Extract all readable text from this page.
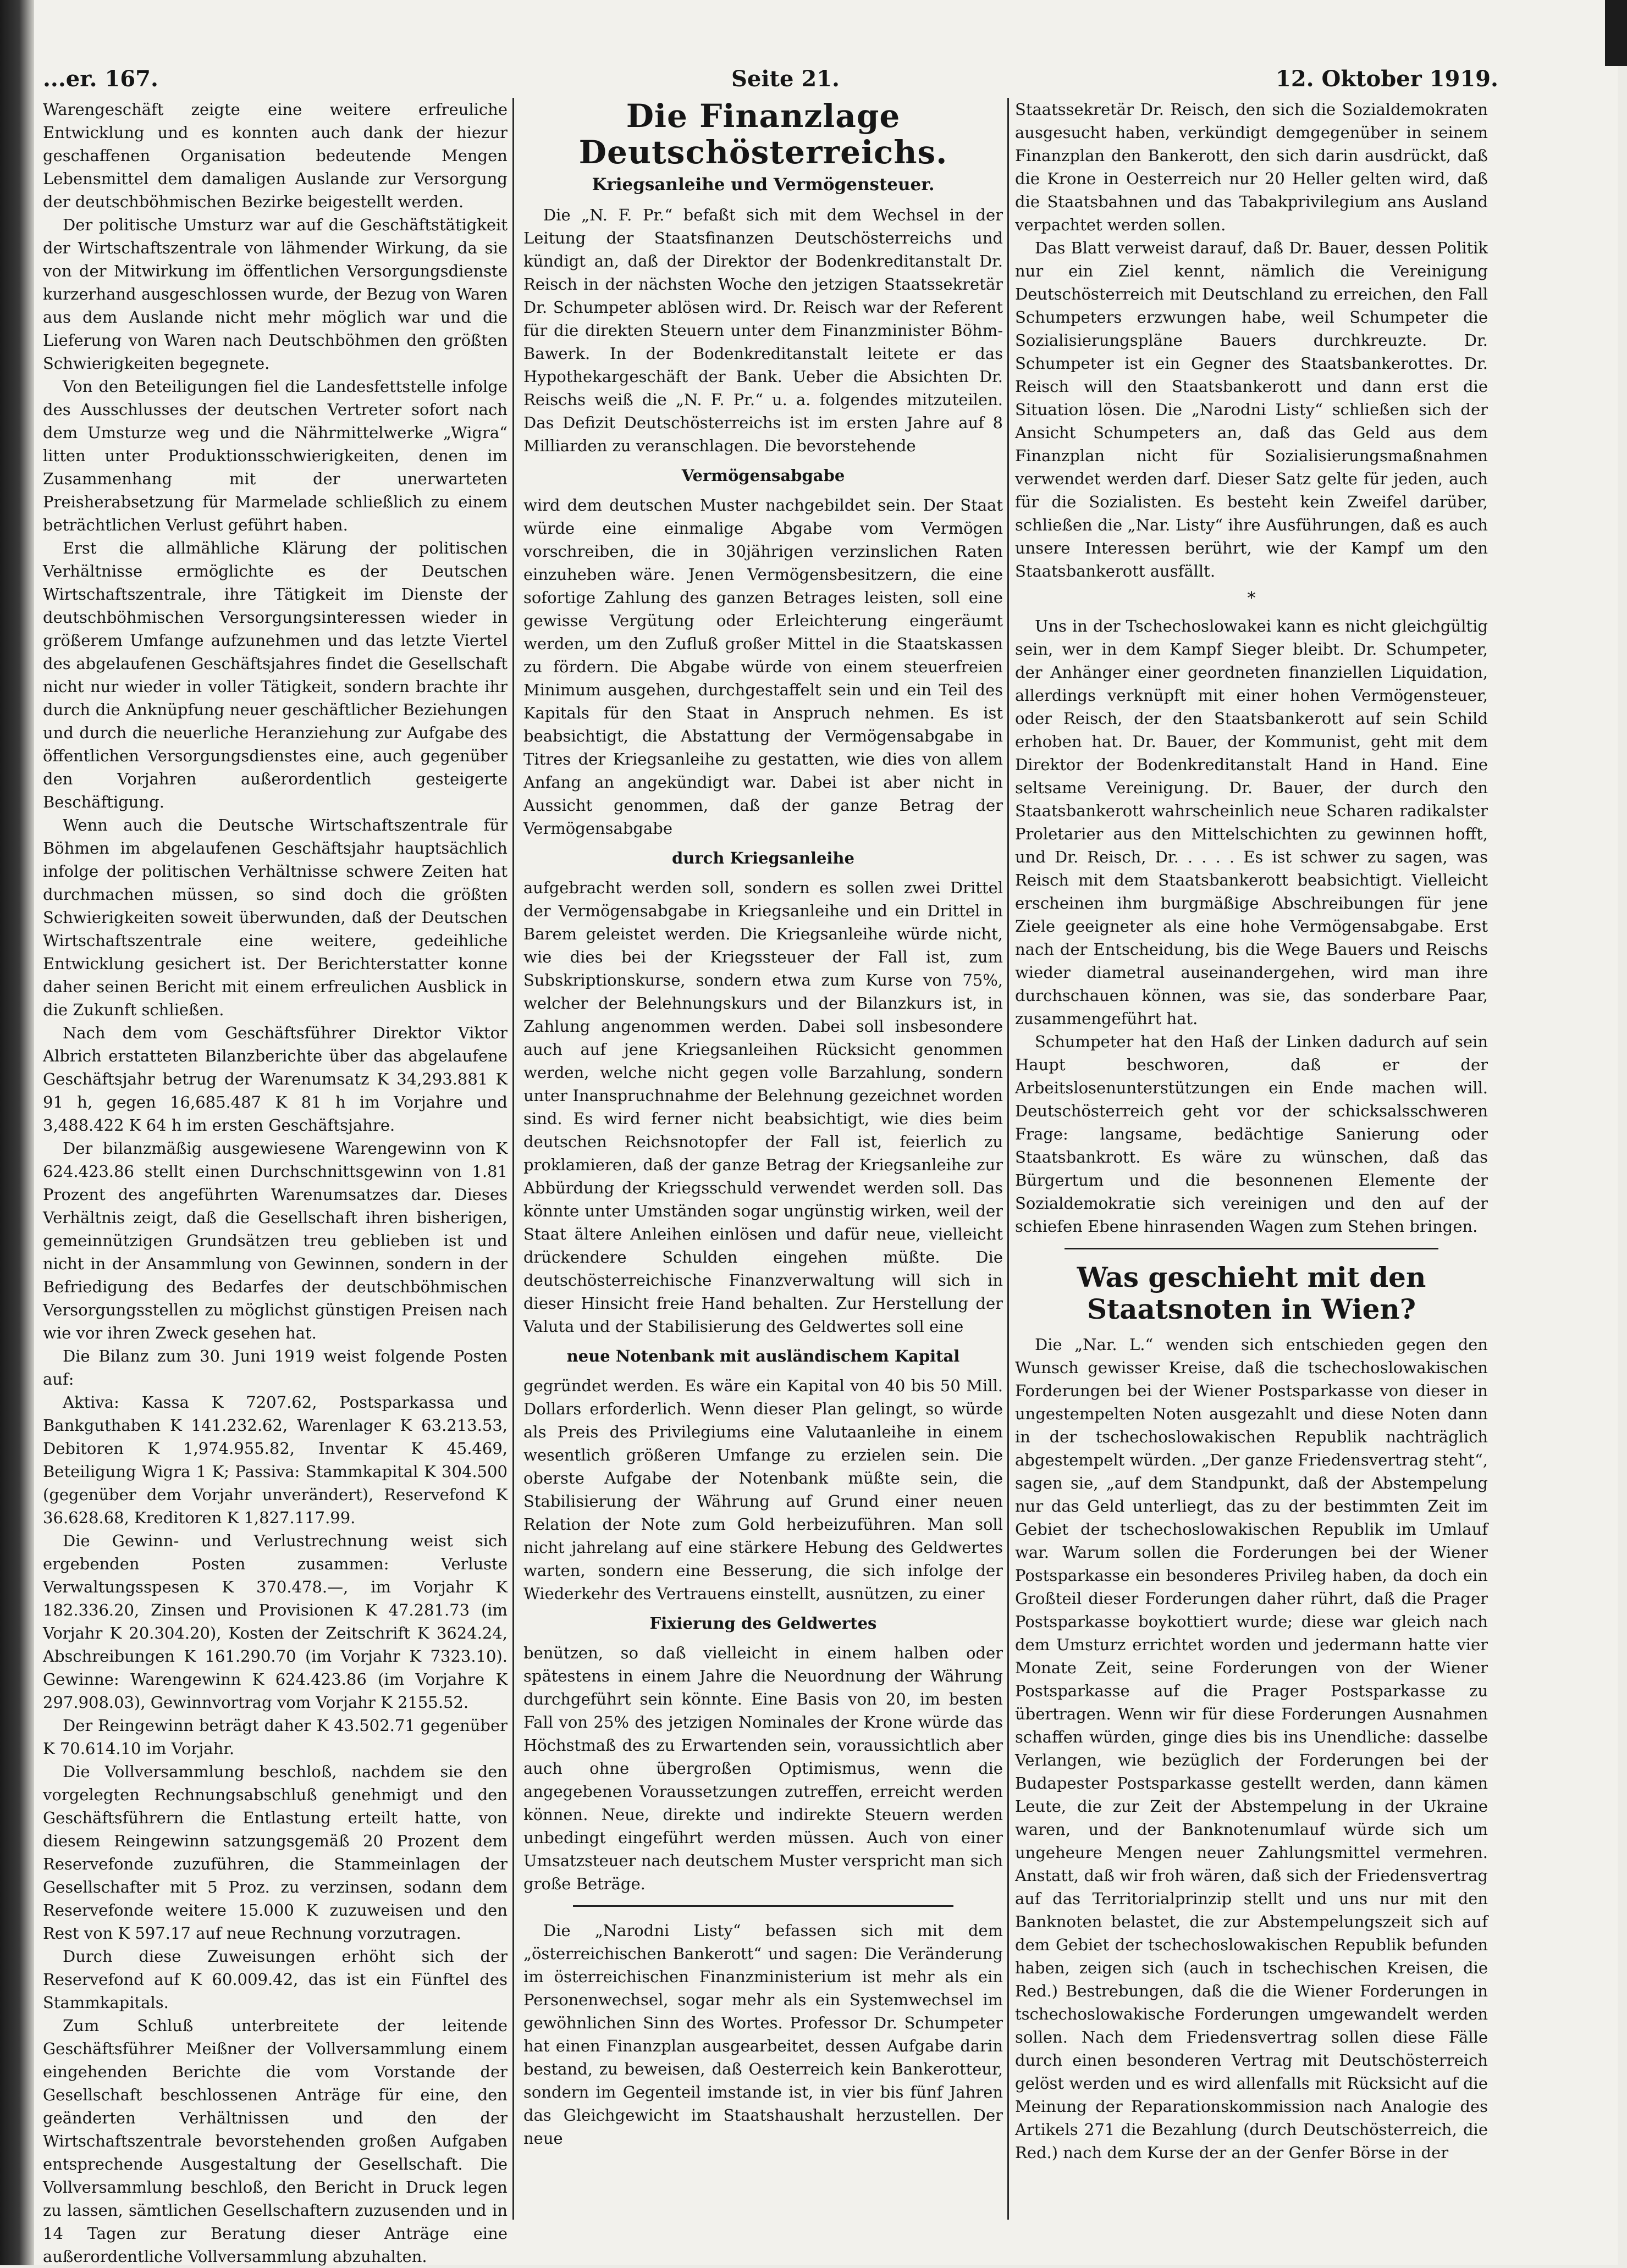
...er. 167.	Seite 21.	12. Oktober 1919.

Warengeschäft zeigte eine weitere erfreuliche Entwicklung und es konnten auch dank der hiezur geschaffenen Organisation bedeutende Mengen Lebensmittel dem damaligen Auslande zur Versorgung der deutschböhmischen Bezirke beigestellt werden.

Der politische Umsturz war auf die Geschäftstätigkeit der Wirtschaftszentrale von lähmender Wirkung, da sie von der Mitwirkung im öffentlichen Versorgungsdienste kurzerhand ausgeschlossen wurde, der Bezug von Waren aus dem Auslande nicht mehr möglich war und die Lieferung von Waren nach Deutschböhmen den größten Schwierigkeiten begegnete.

Von den Beteiligungen fiel die Landesfettstelle infolge des Ausschlusses der deutschen Vertreter sofort nach dem Umsturze weg und die Nährmittelwerke „Wigra“ litten unter Produktionsschwierigkeiten, denen im Zusammenhang mit der unerwarteten Preisherabsetzung für Marmelade schließlich zu einem beträchtlichen Verlust geführt haben.

Erst die allmähliche Klärung der politischen Verhältnisse ermöglichte es der Deutschen Wirtschaftszentrale, ihre Tätigkeit im Dienste der deutschböhmischen Versorgungsinteressen wieder in größerem Umfange aufzunehmen und das letzte Viertel des abgelaufenen Geschäftsjahres findet die Gesellschaft nicht nur wieder in voller Tätigkeit, sondern brachte ihr durch die Anknüpfung neuer geschäftlicher Beziehungen und durch die neuerliche Heranziehung zur Aufgabe des öffentlichen Versorgungsdienstes eine, auch gegenüber den Vorjahren außerordentlich gesteigerte Beschäftigung.

Wenn auch die Deutsche Wirtschaftszentrale für Böhmen im abgelaufenen Geschäftsjahr hauptsächlich infolge der politischen Verhältnisse schwere Zeiten hat durchmachen müssen, so sind doch die größten Schwierigkeiten soweit überwunden, daß der Deutschen Wirtschaftszentrale eine weitere, gedeihliche Entwicklung gesichert ist. Der Berichterstatter konne daher seinen Bericht mit einem erfreulichen Ausblick in die Zukunft schließen.

Nach dem vom Geschäftsführer Direktor Viktor Albrich erstatteten Bilanzberichte über das abgelaufene Geschäftsjahr betrug der Warenumsatz K 34,293.881 K 91 h, gegen 16,685.487 K 81 h im Vorjahre und 3,488.422 K 64 h im ersten Geschäftsjahre.

Der bilanzmäßig ausgewiesene Warengewinn von K 624.423.86 stellt einen Durchschnittsgewinn von 1.81 Prozent des angeführten Warenumsatzes dar. Dieses Verhältnis zeigt, daß die Gesellschaft ihren bisherigen, gemeinnützigen Grundsätzen treu geblieben ist und nicht in der Ansammlung von Gewinnen, sondern in der Befriedigung des Bedarfes der deutschböhmischen Versorgungsstellen zu möglichst günstigen Preisen nach wie vor ihren Zweck gesehen hat.

Die Bilanz zum 30. Juni 1919 weist folgende Posten auf:

Aktiva: Kassa K 7207.62, Postsparkassa und Bankguthaben K 141.232.62, Warenlager K 63.213.53, Debitoren K 1,974.955.82, Inventar K 45.469, Beteiligung Wigra 1 K; Passiva: Stammkapital K 304.500 (gegenüber dem Vorjahr unverändert), Reservefond K 36.628.68, Kreditoren K 1,827.117.99.

Die Gewinn- und Verlustrechnung weist sich ergebenden Posten zusammen: Verluste Verwaltungsspesen K 370.478.—, im Vorjahr K 182.336.20, Zinsen und Provisionen K 47.281.73 (im Vorjahr K 20.304.20), Kosten der Zeitschrift K 3624.24, Abschreibungen K 161.290.70 (im Vorjahr K 7323.10). Gewinne: Warengewinn K 624.423.86 (im Vorjahre K 297.908.03), Gewinnvortrag vom Vorjahr K 2155.52.

Der Reingewinn beträgt daher K 43.502.71 gegenüber K 70.614.10 im Vorjahr.

Die Vollversammlung beschloß, nachdem sie den vorgelegten Rechnungsabschluß genehmigt und den Geschäftsführern die Entlastung erteilt hatte, von diesem Reingewinn satzungsgemäß 20 Prozent dem Reservefonde zuzuführen, die Stammeinlagen der Gesellschafter mit 5 Proz. zu verzinsen, sodann dem Reservefonde weitere 15.000 K zuzuweisen und den Rest von K 597.17 auf neue Rechnung vorzutragen.

Durch diese Zuweisungen erhöht sich der Reservefond auf K 60.009.42, das ist ein Fünftel des Stammkapitals.

Zum Schluß unterbreitete der leitende Geschäftsführer Meißner der Vollversammlung einem eingehenden Berichte die vom Vorstande der Gesellschaft beschlossenen Anträge für eine, den geänderten Verhältnissen und den der Wirtschaftszentrale bevorstehenden großen Aufgaben entsprechende Ausgestaltung der Gesellschaft. Die Vollversammlung beschloß, den Bericht in Druck legen zu lassen, sämtlichen Gesellschaftern zuzusenden und in 14 Tagen zur Beratung dieser Anträge eine außerordentliche Vollversammlung abzuhalten.

Die Finanzlage Deutschösterreichs.
Kriegsanleihe und Vermögensteuer.

Die „N. F. Pr.“ befaßt sich mit dem Wechsel in der Leitung der Staatsfinanzen Deutschösterreichs und kündigt an, daß der Direktor der Bodenkreditanstalt Dr. Reisch in der nächsten Woche den jetzigen Staatssekretär Dr. Schumpeter ablösen wird. Dr. Reisch war der Referent für die direkten Steuern unter dem Finanzminister Böhm-Bawerk. In der Bodenkreditanstalt leitete er das Hypothekargeschäft der Bank. Ueber die Absichten Dr. Reischs weiß die „N. F. Pr.“ u. a. folgendes mitzuteilen. Das Defizit Deutschösterreichs ist im ersten Jahre auf 8 Milliarden zu veranschlagen. Die bevorstehende

Vermögensabgabe

wird dem deutschen Muster nachgebildet sein. Der Staat würde eine einmalige Abgabe vom Vermögen vorschreiben, die in 30jährigen verzinslichen Raten einzuheben wäre. Jenen Vermögensbesitzern, die eine sofortige Zahlung des ganzen Betrages leisten, soll eine gewisse Vergütung oder Erleichterung eingeräumt werden, um den Zufluß großer Mittel in die Staatskassen zu fördern. Die Abgabe würde von einem steuerfreien Minimum ausgehen, durchgestaffelt sein und ein Teil des Kapitals für den Staat in Anspruch nehmen. Es ist beabsichtigt, die Abstattung der Vermögensabgabe in Titres der Kriegsanleihe zu gestatten, wie dies von allem Anfang an angekündigt war. Dabei ist aber nicht in Aussicht genommen, daß der ganze Betrag der Vermögensabgabe

durch Kriegsanleihe

aufgebracht werden soll, sondern es sollen zwei Drittel der Vermögensabgabe in Kriegsanleihe und ein Drittel in Barem geleistet werden. Die Kriegsanleihe würde nicht, wie dies bei der Kriegssteuer der Fall ist, zum Subskriptionskurse, sondern etwa zum Kurse von 75%, welcher der Belehnungskurs und der Bilanzkurs ist, in Zahlung angenommen werden. Dabei soll insbesondere auch auf jene Kriegsanleihen Rücksicht genommen werden, welche nicht gegen volle Barzahlung, sondern unter Inanspruchnahme der Belehnung gezeichnet worden sind. Es wird ferner nicht beabsichtigt, wie dies beim deutschen Reichsnotopfer der Fall ist, feierlich zu proklamieren, daß der ganze Betrag der Kriegsanleihe zur Abbürdung der Kriegsschuld verwendet werden soll. Das könnte unter Umständen sogar ungünstig wirken, weil der Staat ältere Anleihen einlösen und dafür neue, vielleicht drückendere Schulden eingehen müßte. Die deutschösterreichische Finanzverwaltung will sich in dieser Hinsicht freie Hand behalten. Zur Herstellung der Valuta und der Stabilisierung des Geldwertes soll eine

neue Notenbank mit ausländischem Kapital

gegründet werden. Es wäre ein Kapital von 40 bis 50 Mill. Dollars erforderlich. Wenn dieser Plan gelingt, so würde als Preis des Privilegiums eine Valutaanleihe in einem wesentlich größeren Umfange zu erzielen sein. Die oberste Aufgabe der Notenbank müßte sein, die Stabilisierung der Währung auf Grund einer neuen Relation der Note zum Gold herbeizuführen. Man soll nicht jahrelang auf eine stärkere Hebung des Geldwertes warten, sondern eine Besserung, die sich infolge der Wiederkehr des Vertrauens einstellt, ausnützen, zu einer

Fixierung des Geldwertes

benützen, so daß vielleicht in einem halben oder spätestens in einem Jahre die Neuordnung der Währung durchgeführt sein könnte. Eine Basis von 20, im besten Fall von 25% des jetzigen Nominales der Krone würde das Höchstmaß des zu Erwartenden sein, voraussichtlich aber auch ohne übergroßen Optimismus, wenn die angegebenen Voraussetzungen zutreffen, erreicht werden können. Neue, direkte und indirekte Steuern werden unbedingt eingeführt werden müssen. Auch von einer Umsatzsteuer nach deutschem Muster verspricht man sich große Beträge.

Die „Narodni Listy“ befassen sich mit dem „österreichischen Bankerott“ und sagen: Die Veränderung im österreichischen Finanzministerium ist mehr als ein Personenwechsel, sogar mehr als ein Systemwechsel im gewöhnlichen Sinn des Wortes. Professor Dr. Schumpeter hat einen Finanzplan ausgearbeitet, dessen Aufgabe darin bestand, zu beweisen, daß Oesterreich kein Bankerotteur, sondern im Gegenteil imstande ist, in vier bis fünf Jahren das Gleichgewicht im Staatshaushalt herzustellen. Der neue

Staatssekretär Dr. Reisch, den sich die Sozialdemokraten ausgesucht haben, verkündigt demgegenüber in seinem Finanzplan den Bankerott, den sich darin ausdrückt, daß die Krone in Oesterreich nur 20 Heller gelten wird, daß die Staatsbahnen und das Tabakprivilegium ans Ausland verpachtet werden sollen.

Das Blatt verweist darauf, daß Dr. Bauer, dessen Politik nur ein Ziel kennt, nämlich die Vereinigung Deutschösterreich mit Deutschland zu erreichen, den Fall Schumpeters erzwungen habe, weil Schumpeter die Sozialisierungspläne Bauers durchkreuzte. Dr. Schumpeter ist ein Gegner des Staatsbankerottes. Dr. Reisch will den Staatsbankerott und dann erst die Situation lösen. Die „Narodni Listy“ schließen sich der Ansicht Schumpeters an, daß das Geld aus dem Finanzplan nicht für Sozialisierungsmaßnahmen verwendet werden darf. Dieser Satz gelte für jeden, auch für die Sozialisten. Es besteht kein Zweifel darüber, schließen die „Nar. Listy“ ihre Ausführungen, daß es auch unsere Interessen berührt, wie der Kampf um den Staatsbankerott ausfällt.

*

Uns in der Tschechoslowakei kann es nicht gleichgültig sein, wer in dem Kampf Sieger bleibt. Dr. Schumpeter, der Anhänger einer geordneten finanziellen Liquidation, allerdings verknüpft mit einer hohen Vermögensteuer, oder Reisch, der den Staatsbankerott auf sein Schild erhoben hat. Dr. Bauer, der Kommunist, geht mit dem Direktor der Bodenkreditanstalt Hand in Hand. Eine seltsame Vereinigung. Dr. Bauer, der durch den Staatsbankerott wahrscheinlich neue Scharen radikalster Proletarier aus den Mittelschichten zu gewinnen hofft, und Dr. Reisch, Dr. . . . . Es ist schwer zu sagen, was Reisch mit dem Staatsbankerott beabsichtigt. Vielleicht erscheinen ihm burgmäßige Abschreibungen für jene Ziele geeigneter als eine hohe Vermögensabgabe. Erst nach der Entscheidung, bis die Wege Bauers und Reischs wieder diametral auseinandergehen, wird man ihre durchschauen können, was sie, das sonderbare Paar, zusammengeführt hat.

Schumpeter hat den Haß der Linken dadurch auf sein Haupt beschworen, daß er der Arbeitslosenunterstützungen ein Ende machen will. Deutschösterreich geht vor der schicksalsschweren Frage: langsame, bedächtige Sanierung oder Staatsbankrott. Es wäre zu wünschen, daß das Bürgertum und die besonnenen Elemente der Sozialdemokratie sich vereinigen und den auf der schiefen Ebene hinrasenden Wagen zum Stehen bringen.

Was geschieht mit den Staatsnoten in Wien?

Die „Nar. L.“ wenden sich entschieden gegen den Wunsch gewisser Kreise, daß die tschechoslowakischen Forderungen bei der Wiener Postsparkasse von dieser in ungestempelten Noten ausgezahlt und diese Noten dann in der tschechoslowakischen Republik nachträglich abgestempelt würden. „Der ganze Friedensvertrag steht“, sagen sie, „auf dem Standpunkt, daß der Abstempelung nur das Geld unterliegt, das zu der bestimmten Zeit im Gebiet der tschechoslowakischen Republik im Umlauf war. Warum sollen die Forderungen bei der Wiener Postsparkasse ein besonderes Privileg haben, da doch ein Großteil dieser Forderungen daher rührt, daß die Prager Postsparkasse boykottiert wurde; diese war gleich nach dem Umsturz errichtet worden und jedermann hatte vier Monate Zeit, seine Forderungen von der Wiener Postsparkasse auf die Prager Postsparkasse zu übertragen. Wenn wir für diese Forderungen Ausnahmen schaffen würden, ginge dies bis ins Unendliche: dasselbe Verlangen, wie bezüglich der Forderungen bei der Budapester Postsparkasse gestellt werden, dann kämen Leute, die zur Zeit der Abstempelung in der Ukraine waren, und der Banknotenumlauf würde sich um ungeheure Mengen neuer Zahlungsmittel vermehren. Anstatt, daß wir froh wären, daß sich der Friedensvertrag auf das Territorialprinzip stellt und uns nur mit den Banknoten belastet, die zur Abstempelungszeit sich auf dem Gebiet der tschechoslowakischen Republik befunden haben, zeigen sich (auch in tschechischen Kreisen, die Red.) Bestrebungen, daß die die Wiener Forderungen in tschechoslowakische Forderungen umgewandelt werden sollen. Nach dem Friedensvertrag sollen diese Fälle durch einen besonderen Vertrag mit Deutschösterreich gelöst werden und es wird allenfalls mit Rücksicht auf die Meinung der Reparationskommission nach Analogie des Artikels 271 die Bezahlung (durch Deutschösterreich, die Red.) nach dem Kurse der an der Genfer Börse in der
